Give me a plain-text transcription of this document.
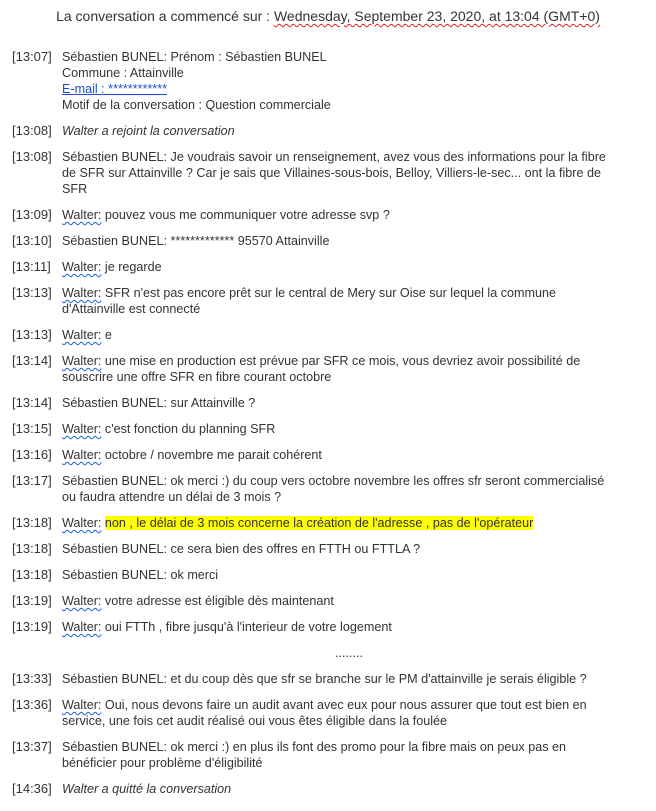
La conversation a commencé sur : Wednesday, September 23, 2020, at 13:04 (GMT+0)
[13:07] Sébastien BUNEL: Prénom : Sébastien BUNEL
Commune : Attainville
E-mail : ************
Motif de la conversation : Question commerciale
[13:08] Walter a rejoint la conversation
[13:08] Sébastien BUNEL: Je voudrais savoir un renseignement, avez vous des informations pour la fibre de SFR sur Attainville ? Car je sais que Villaines-sous-bois, Belloy, Villiers-le-sec... ont la fibre de SFR
[13:09] Walter: pouvez vous me communiquer votre adresse svp ?
[13:10] Sébastien BUNEL: ************* 95570 Attainville
[13:11] Walter: je regarde
[13:13] Walter: SFR n'est pas encore prêt sur le central de Mery sur Oise sur lequel la commune d'Attainville est connecté
[13:13] Walter: e
[13:14] Walter: une mise en production est prévue par SFR ce mois, vous devriez avoir possibilité de souscrire une offre SFR en fibre courant octobre
[13:14] Sébastien BUNEL: sur Attainville ?
[13:15] Walter: c'est fonction du planning SFR
[13:16] Walter: octobre / novembre me parait cohérent
[13:17] Sébastien BUNEL: ok merci :) du coup vers octobre novembre les offres sfr seront commercialisé ou faudra attendre un délai de 3 mois ?
[13:18] Walter: non , le délai de 3 mois concerne la création de l'adresse , pas de l'opérateur
[13:18] Sébastien BUNEL: ce sera bien des offres en FTTH ou FTTLA ?
[13:18] Sébastien BUNEL: ok merci
[13:19] Walter: votre adresse est éligible dès maintenant
[13:19] Walter: oui FTTh , fibre jusqu'à l'interieur de votre logement
........
[13:33] Sébastien BUNEL: et du coup dès que sfr se branche sur le PM d'attainville je serais éligible ?
[13:36] Walter: Oui, nous devons faire un audit avant avec eux pour nous assurer que tout est bien en service, une fois cet audit réalisé oui vous êtes éligible dans la foulée
[13:37] Sébastien BUNEL: ok merci :) en plus ils font des promo pour la fibre mais on peux pas en bénéficier pour problème d'éligibilité
[14:36] Walter a quitté la conversation
